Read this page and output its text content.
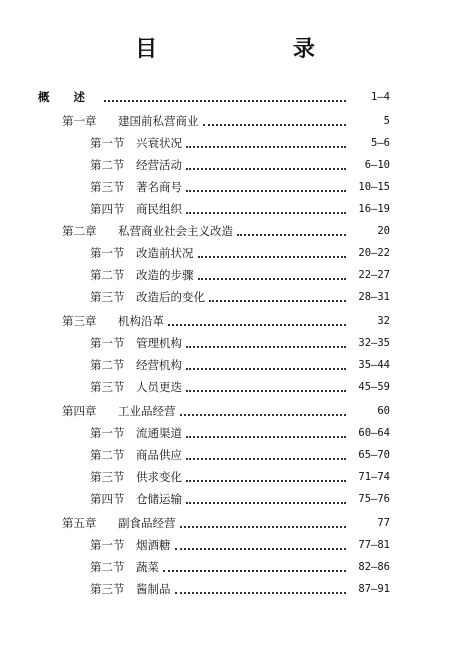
目 录
概 述	1—4
第一章	建国前私营商业	5
第一节	兴衰状况	5—6
第二节	经营活动	6—10
第三节	著名商号	10—15
第四节	商民组织	16—19
第二章	私营商业社会主义改造	20
第一节	改造前状况	20—22
第二节	改造的步骤	22—27
第三节	改造后的变化	28—31
第三章	机构沿革	32
第一节	管理机构	32—35
第二节	经营机构	35—44
第三节	人员更迭	45—59
第四章	工业品经营	60
第一节	流通渠道	60—64
第二节	商品供应	65—70
第三节	供求变化	71—74
第四节	仓储运输	75—76
第五章	副食品经营	77
第一节	烟酒糖	77—81
第二节	蔬菜	82—86
第三节	酱制品	87—91
